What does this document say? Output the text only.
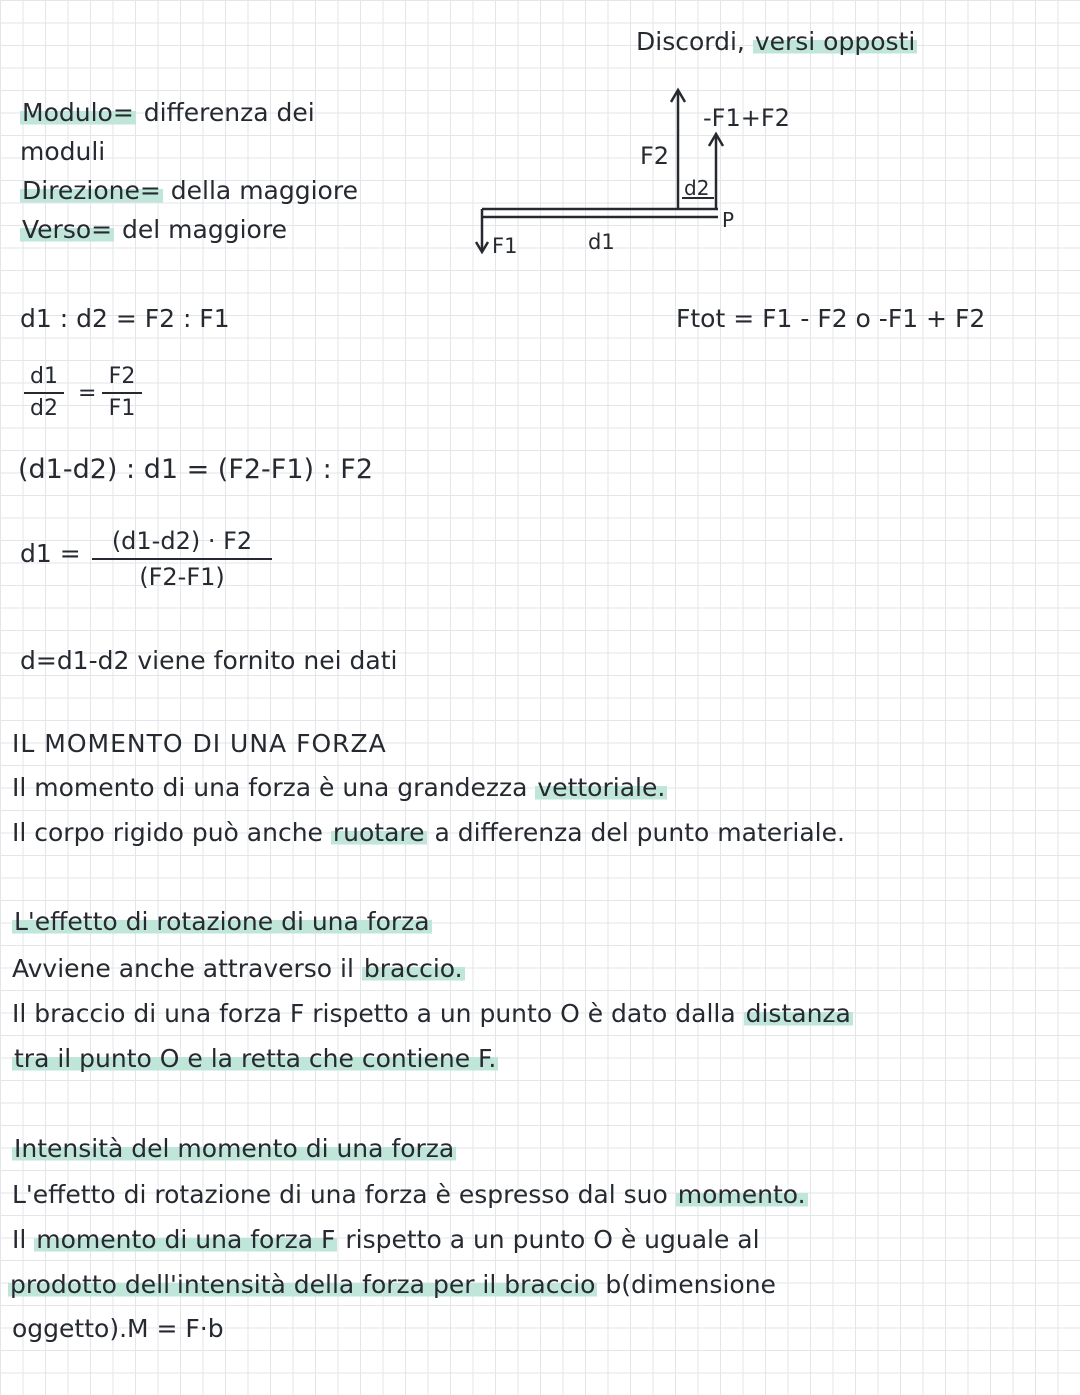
Discordi, versi opposti
Modulo= differenza dei
moduli
Direzione= della maggiore
Verso= del maggiore
-F1+F2
F2
d2
P
F1	d1
d1 : d2 = F2 : F1	Ftot = F1 - F2 o -F1 + F2
d1
d2
=
F2
F1
(d1-d2) : d1 = (F2-F1) : F2
d1 =	(d1-d2) · F2
(F2-F1)
d=d1-d2 viene fornito nei dati
IL MOMENTO DI UNA FORZA
Il momento di una forza è una grandezza vettoriale.
Il corpo rigido può anche ruotare a differenza del punto materiale.
L'effetto di rotazione di una forza
Avviene anche attraverso il braccio.
Il braccio di una forza F rispetto a un punto O è dato dalla distanza
tra il punto O e la retta che contiene F.
Intensità del momento di una forza
L'effetto di rotazione di una forza è espresso dal suo momento.
Il momento di una forza F rispetto a un punto O è uguale al
prodotto dell'intensità della forza per il braccio b(dimensione
oggetto).M = F·b
